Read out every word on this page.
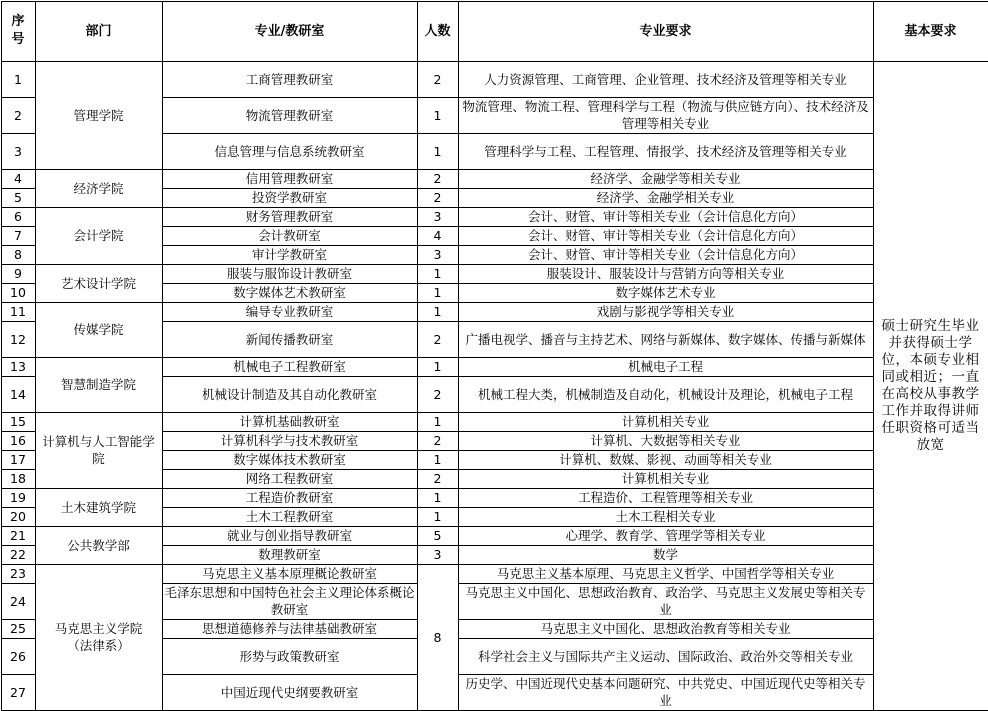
序号	部门	专业/教研室	人数	专业要求	基本要求
1	管理学院	工商管理教研室	2	人力资源管理、工商管理、企业管理、技术经济及管理等相关专业	硕士研究生毕业并获得硕士学位，本硕专业相同或相近；一直在高校从事教学工作并取得讲师任职资格可适当放宽
2		物流管理教研室	1	物流管理、物流工程、管理科学与工程（物流与供应链方向）、技术经济及管理等相关专业	
3		信息管理与信息系统教研室	1	管理科学与工程、工程管理、情报学、技术经济及管理等相关专业	
4	经济学院	信用管理教研室	2	经济学、金融学等相关专业	
5		投资学教研室	2	经济学、金融学相关专业	
6	会计学院	财务管理教研室	3	会计、财管、审计等相关专业（会计信息化方向）	
7		会计教研室	4	会计、财管、审计等相关专业（会计信息化方向）	
8		审计学教研室	3	会计、财管、审计等相关专业（会计信息化方向）	
9	艺术设计学院	服装与服饰设计教研室	1	服装设计、服装设计与营销方向等相关专业	
10		数字媒体艺术教研室	1	数字媒体艺术专业	
11	传媒学院	编导专业教研室	1	戏剧与影视学等相关专业	
12		新闻传播教研室	2	广播电视学、播音与主持艺术、网络与新媒体、数字媒体、传播与新媒体	
13	智慧制造学院	机械电子工程教研室	1	机械电子工程	
14		机械设计制造及其自动化教研室	2	机械工程大类，机械制造及自动化，机械设计及理论，机械电子工程	
15	计算机与人工智能学院	计算机基础教研室	1	计算机相关专业	
16		计算机科学与技术教研室	2	计算机、大数据等相关专业	
17		数字媒体技术教研室	1	计算机、数媒、影视、动画等相关专业	
18		网络工程教研室	2	计算机相关专业	
19	土木建筑学院	工程造价教研室	1	工程造价、工程管理等相关专业	
20		土木工程教研室	1	土木工程相关专业	
21	公共教学部	就业与创业指导教研室	5	心理学、教育学、管理学等相关专业	
22		数理教研室	3	数学	
23	马克思主义学院（法律系）	马克思主义基本原理概论教研室	8	马克思主义基本原理、马克思主义哲学、中国哲学等相关专业	
24		毛泽东思想和中国特色社会主义理论体系概论教研室		马克思主义中国化、思想政治教育、政治学、马克思主义发展史等相关专业	
25		思想道德修养与法律基础教研室		马克思主义中国化、思想政治教育等相关专业	
26		形势与政策教研室		科学社会主义与国际共产主义运动、国际政治、政治外交等相关专业	
27		中国近现代史纲要教研室		历史学、中国近现代史基本问题研究、中共党史、中国近现代史等相关专业	
